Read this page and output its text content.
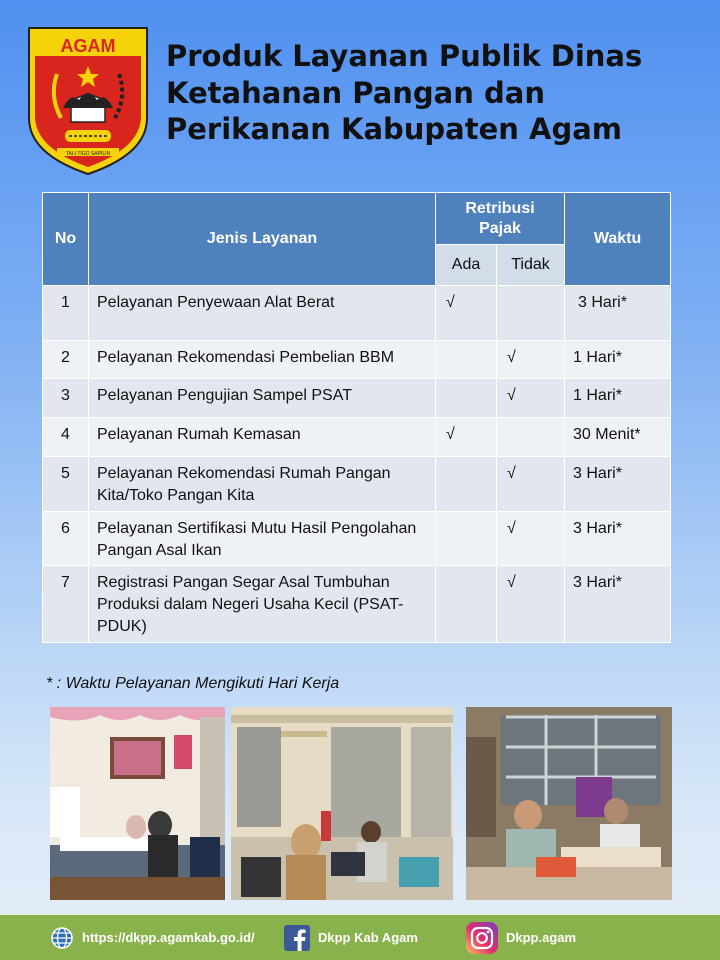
AGAM
TALI TIGO SAPILIN
Produk Layanan Publik Dinas
Ketahanan Pangan dan
Perikanan Kabupaten Agam
No	Jenis Layanan	Retribusi Pajak		Waktu
		Ada	Tidak	
1	Pelayanan Penyewaan Alat Berat	√		3 Hari*
2	Pelayanan Rekomendasi Pembelian BBM		√	1 Hari*
3	Pelayanan Pengujian Sampel PSAT		√	1 Hari*
4	Pelayanan Rumah Kemasan	√		30 Menit*
5	Pelayanan Rekomendasi Rumah Pangan Kita/Toko Pangan Kita		√	3 Hari*
6	Pelayanan Sertifikasi Mutu Hasil Pengolahan Pangan Asal Ikan		√	3 Hari*
7	Registrasi Pangan Segar Asal Tumbuhan Produksi dalam Negeri Usaha Kecil (PSAT-PDUK)		√	3 Hari*
* : Waktu Pelayanan Mengikuti Hari Kerja
https://dkpp.agamkab.go.id/	Dkpp Kab Agam	Dkpp.agam
